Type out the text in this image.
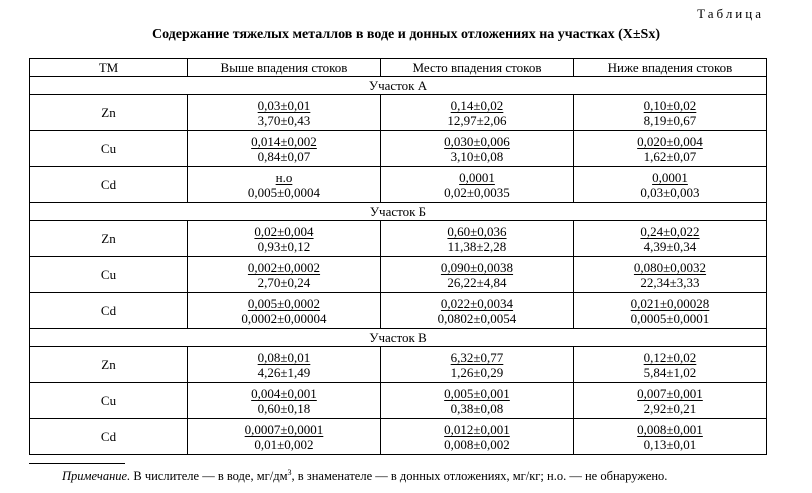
Таблица
Содержание тяжелых металлов в воде и донных отложениях на участках (X±Sx)
ТМ	Выше впадения стоков	Место впадения стоков	Ниже впадения стоков
Участок А			
Zn	$\frac{0,03\pm 0,01}{3,70\pm 0,43}$	$\frac{0,14\pm 0,02}{12,97\pm 2,06}$	$\frac{0,10\pm 0,02}{8,19\pm 0,67}$

Cu	$\frac{0,014\pm 0,002}{0,84\pm 0,07}$	$\frac{0,030\pm 0,006}{3,10\pm 0,08}$	$\frac{0,020\pm 0,004}{1,62\pm 0,07}$

Cd	$\frac{н.о}{0,005\pm 0,0004}$	$\frac{0,0001}{0,02\pm 0,0035}$	$\frac{0,0001}{0,03\pm 0,003}$

Участок Б			
Zn	$\frac{0,02\pm 0,004}{0,93\pm 0,12}$	$\frac{0,60\pm 0,036}{11,38\pm 2,28}$	$\frac{0,24\pm 0,022}{4,39\pm 0,34}$

Cu	$\frac{0,002\pm 0,0002}{2,70\pm 0,24}$	$\frac{0,090\pm 0,0038}{26,22\pm 4,84}$	$\frac{0,080\pm 0,0032}{22,34\pm 3,33}$

Cd	$\frac{0,005\pm 0,0002}{0,0002\pm 0,00004}$	$\frac{0,022\pm 0,0034}{0,0802\pm 0,0054}$	$\frac{0,021\pm 0,00028}{0,0005\pm 0,0001}$

Участок В			
Zn	$\frac{0,08\pm 0,01}{4,26\pm 1,49}$	$\frac{6,32\pm 0,77}{1,26\pm 0,29}$	$\frac{0,12\pm 0,02}{5,84\pm 1,02}$

Cu	$\frac{0,004\pm 0,001}{0,60\pm 0,18}$	$\frac{0,005\pm 0,001}{0,38\pm 0,08}$	$\frac{0,007\pm 0,001}{2,92\pm 0,21}$

Cd	$\frac{0,0007\pm 0,0001}{0,01\pm 0,002}$	$\frac{0,012\pm 0,001}{0,008\pm 0,002}$	$\frac{0,008\pm 0,001}{0,13\pm 0,01}$
Примечание. В числителе — в воде, $мг/дм^3$, в знаменателе — в донных отложениях, мг/кг; н.о. — не обнаружено.
